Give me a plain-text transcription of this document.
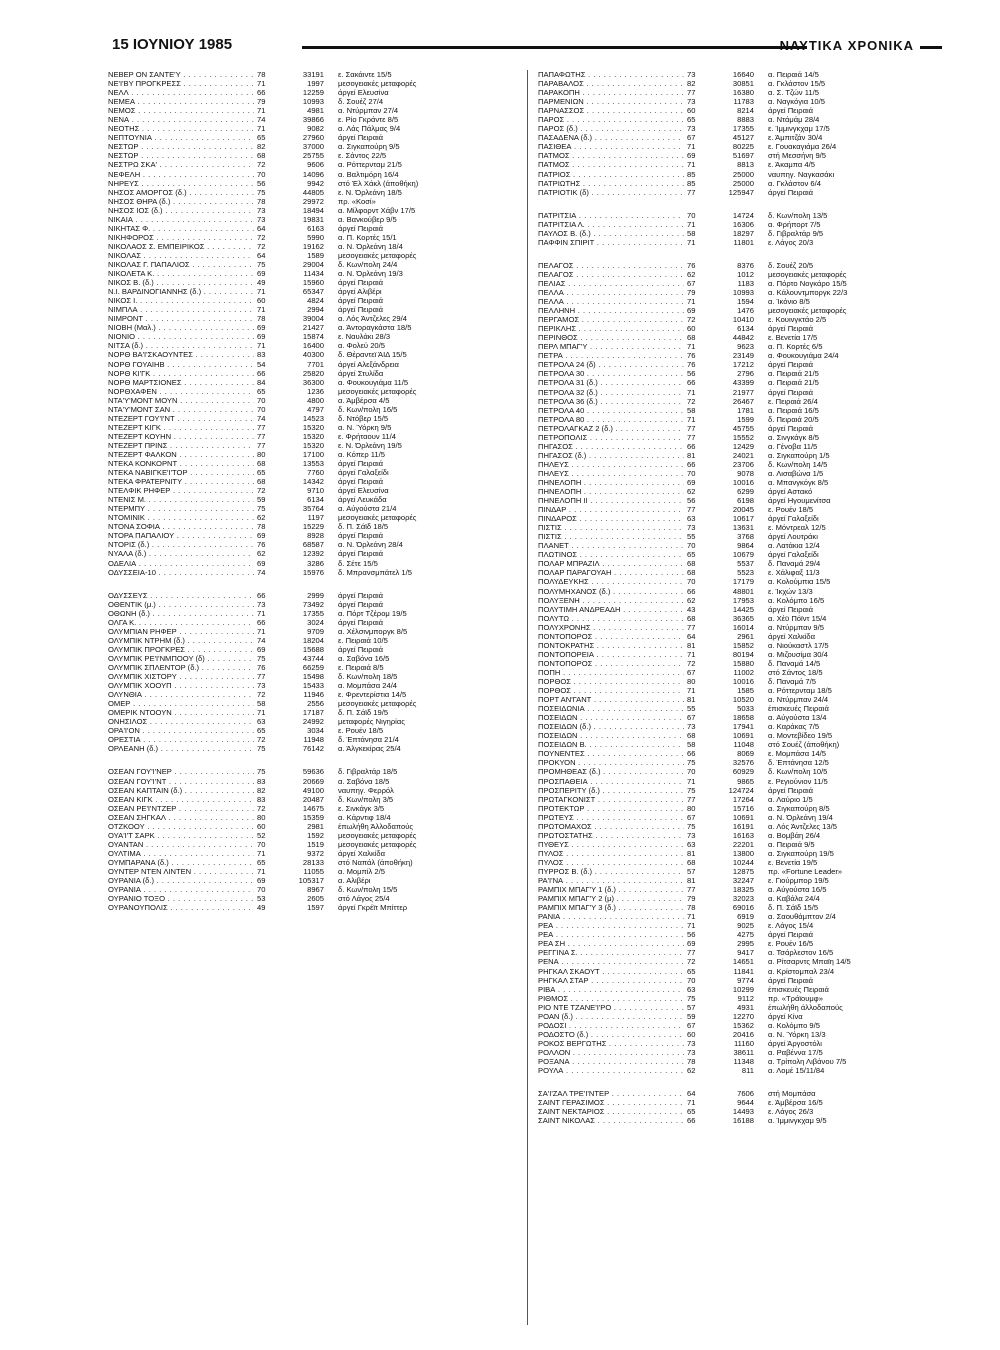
15 ΙΟΥΝΙΟΥ 1985	ΝΑΥΤΙΚΑ ΧΡΟΝΙΚΑ
ΝΕΒΕΡ ΟΝ ΣΑΝΤΕ'Υ . . .	78	33191 ε. Σακάιντε 15/5
ΝΕ'Ι'ΒΥ ΠΡΟΓΚΡΕΣΣ . . .	71	1997 μεσογειακές μεταφορές
ΝΕΛΛ . . .	66	12259 άργεί Ελευσίνα
ΝΕΜΕΑ . . .	79	10993 δ. Σουέζ 27/4
ΝΕΜΟΣ . . .	71	4981 α. Ντύρμπαν 27/4
ΝΕΝΑ . . .	74	39866 ε. Ρίο Γκράντε 8/5
ΝΕΟΤΗΣ . . .	71	9082 α. Λάς Πάλμας 9/4
ΝΕΠΤΟΥΝΙΑ . . .	65	27960 άργεί Πειραιά
ΝΕΣΤΩΡ . . .	82	37000 α. Σιγκαπούρη 9/5
ΝΕΣΤΩΡ . . .	68	25755 ε. Σάντος 22/5
ΝΕΣΤΡΩ ΣΚΑ' . . .	72	9606 α. Ρόττερνταμ 21/5
ΝΕΦΕΛΗ . . .	70	14096 α. Βαλτιμόρη 16/4
ΝΗΡΕΥΣ . . .	56	9942 στό Έλ Χάκλ (άποθήκη)
ΝΗΣΟΣ ΑΜΟΡΓΟΣ (δ.) . . .	75	44805 ε. Ν. Όρλεάνη 18/5
ΝΗΣΟΣ ΘΗΡΑ (δ.) . . .	78	29972 πρ. «Κοσί»
ΝΗΣΟΣ ΙΟΣ (δ.) . . .	73	18494 α. Μίλφορντ Χάβν 17/5
ΝΙΚΑΙΑ . . .	73	19831 α. Βανκούβερ 9/5
ΝΙΚΗΤΑΣ Φ. . . .	64	6163 άργεί Πειραιά
ΝΙΚΗΦΟΡΟΣ . . .	72	5990 α. Π. Κορτές 15/1
ΝΙΚΟΛΑΟΣ Σ. ΕΜΠΕΙΡΙΚΟΣ . . .	72	19162 α. Ν. Όρλεάνη 18/4
ΝΙΚΟΛΑΣ . . .	64	1589 μεσογειακές μεταφορές
ΝΙΚΟΛΑΣ Γ. ΠΑΠΑΛΙΟΣ . . .	75	29004 δ. Κων/πολη 24/4
ΝΙΚΟΛΕΤΑ Κ. . . .	69	11434 α. Ν. Όρλεάνη 19/3
ΝΙΚΟΣ Β. (δ.) . . .	49	15960 άργεί Πειραιά
Ν.Ι. ΒΑΡΔΙΝΟΓΙΑΝΝΗΣ (δ.) . . .	71	65347 άργεί Αλιβέρι
ΝΙΚΟΣ Ι. . . .	60	4824 άργεί Πειραιά
ΝΙΜΠΛΑ . . .	71	2994 άργεί Πειραιά
ΝΙΜΡΟΝΤ . . .	78	39004 α. Λός Άντζελες 29/4
ΝΙΟΒΗ (Μαλ.) . . .	69	21427 α. Άντοραγκάστα 18/5
ΝΙΟΝΙΟ . . .	69	15874 ε. Ναυλάκι 28/3
ΝΙΤΣΑ (δ.) . . .	71	16400 α. Φολεύ 20/5
ΝΟΡΘ ΒΑ'Ι'ΣΚΑΟΥΝΤΕΣ . . .	83	40300 δ. Θέραντεϊ ΆΙΔ 15/5
ΝΟΡΘ ΓΟΥΑΙΗΒ . . .	54	7701 άργεί Αλεξάνδρεια
ΝΟΡΘ ΚΙ'ΓΚ . . .	66	25820 άργεί Στυλίδα
ΝΟΡΘ ΜΑΡΤΣΙΟΝΕΣ . . .	84	36300 α. Φουκουγιάμα 11/5
ΝΟΡΘΧΑΦΕΝ . . .	65	1236 μεσογειακές μεταφορές
ΝΤΑ'Υ'ΜΟΝΤ ΜΟΥΝ . . .	70	4800 α. Άμβέρσα 4/5
ΝΤΑ'Υ'ΜΟΝΤ ΣΑΝ . . .	70	4797 δ. Κων/πολη 16/5
ΝΤΕΖΕΡΤ ΓΟΥ'Ι'ΝΤ . . .	74	14523 δ. Ντόβερ 15/5
ΝΤΕΖΕΡΤ ΚΙΓΚ . . .	77	15320 α. Ν. Ύόρκη 9/5
ΝΤΕΖΕΡΤ ΚΟΥΗΝ . . .	77	15320 ε. Φρήταουν 11/4
ΝΤΕΖΕΡΤ ΠΡΙΝΣ . . .	77	15320 ε. Ν. Όρλεάνη 19/5
ΝΤΕΖΕΡΤ ΦΑΛΚΟΝ . . .	80	17100 α. Κόπερ 11/5
ΝΤΕΚΑ ΚΟΝΚΟΡΝΤ . . .	68	13553 άργεί Πειραιά
ΝΤΕΚΑ ΝΑΒΙΓΚΕ'Ι'ΤΟΡ . . .	65	7760 άργεί Γαλαξείδι
ΝΤΕΚΑ ΦΡΑΤΕΡΝΙΤΥ . . .	68	14342 άργεί Πειραιά
ΝΤΕΛΦΙΚ ΡΗΦΕΡ . . .	72	9710 άργεί Ελευσίνα
ΝΤΕΝΙΣ Μ. . . .	59	6134 άργεί Λευκάδα
ΝΤΕΡΜΠΥ . . .	75	35764 α. Αύγούστα 21/4
ΝΤΟΜΙΝΙΚ . . .	62	1197 μεσογειακές μεταφορές
ΝΤΟΝΑ ΣΟΦΙΑ . . .	78	15229 δ. Π. Σάϊδ 18/5
ΝΤΟΡΑ ΠΑΠΑΛΙΟΥ . . .	69	8928 άργεί Πειραιά
ΝΤΟΡΙΣ (δ.) . . .	76	68587 α. Ν. Όρλεάνη 28/4
ΝΥΑΛΑ (δ.) . . .	62	12392 άργεί Πειραιά
ΟΔΕΛΙΑ . . .	69	3286 δ. Σέτε 15/5
ΟΔΥΣΣΕΙΑ-10 . . .	74	15976 δ. Μπρανσμπάτελ 1/5
ΟΔΥΣΣΕΥΣ . . .	66	2999 άργεί Πειραιά
ΟΘΕΝΤΙΚ (μ.) . . .	73	73492 άργεί Πειραιά
ΟΘΩΝΗ (δ.) . . .	71	17355 α. Πόρτ Τζέρομ 19/5
ΟΛΓΑ Κ. . . .	66	3024 άργεί Πειραιά
ΟΛΥΜΠΙΑΝ ΡΗΦΕΡ . . .	71	9709 α. Χέλσινμποργκ 8/5
ΟΛΥΜΠΙΚ ΝΤΡΗΜ (δ.) . . .	74	18204 ε. Πειραιά 10/5
ΟΛΥΜΠΙΚ ΠΡΟΓΚΡΕΣ . . .	69	15688 άργεί Πειραιά
ΟΛΥΜΠΙΚ ΡΕ'Ι'ΝΜΠΟΟΥ (δ) . . .	75	43744 α. Σαβόνα 16/5
ΟΛΥΜΠΙΚ ΣΠΛΕΝΤΟΡ (δ.) . . .	76	66259 ε. Πειραιά 8/5
ΟΛΥΜΠΙΚ ΧΙΣΤΟΡΥ . . .	77	15498 δ. Κων/πολη 18/5
ΟΛΥΜΠΙΚ ΧΟΟΥΠ . . .	73	15433 α. Μομπάσα 24/4
ΟΛΥΝΘΙΑ . . .	72	11946 ε. Φρεντερίστια 14/5
ΟΜΕΡ . . .	58	2556 μεσογειακές μεταφορές
ΟΜΕΡΙΚ ΝΤΟΟΥΝ . . .	71	17187 δ. Π. Σάϊδ 19/5
ΟΝΗΣΙΛΟΣ . . .	63	24992 μεταφορές Νιγηρίας
ΟΡΑ'Ι'ΟΝ . . .	65	3034 ε. Ρουέν 18/5
ΟΡΕΣΤΙΑ . . .	72	11948 δ. Έπτάνησα 21/4
ΟΡΛΕΑΝΗ (δ.) . . .	75	76142 α. Άλγκεκίρας 25/4
ΟΣΕΑΝ ΓΟΥ'Ι'ΝΕΡ . . .	75	59636 δ. Γιβραλτάρ 18/5
ΟΣΕΑΝ ΓΟΥ'Ι'ΝΤ . . .	83	20669 α. Σαβόνα 18/5
ΟΣΕΑΝ ΚΑΠΤΑΙΝ (δ.) . . .	82	49100 ναυπηγ. Φερρόλ
ΟΣΕΑΝ ΚΙΓΚ . . .	83	20487 δ. Κων/πολη 3/5
ΟΣΕΑΝ ΡΕ'Ι'ΝΤΖΕΡ . . .	72	14675 ε. Σινκάγκ 3/5
ΟΣΕΑΝ ΣΗΓΚΑΛ . . .	80	15359 α. Κάρντιφ 18/4
ΟΤΖΚΟΟΥ . . .	60	2981 έπωλήθη Άλλοδαπούς
ΟΥΑ'Ι'Τ ΣΑΡΚ . . .	52	1592 μεσογειακές μεταφορές
ΟΥΑΝΤΑΝ . . .	70	1519 μεσογειακές μεταφορές
ΟΥΛΤΙΜΑ . . .	71	9372 άργεί Χαλκίδα
ΟΥΜΠΑΡΑΝΑ (δ.) . . .	65	28133 στό Ναπάλ (άποθήκη)
ΟΥΝΤΕΡ ΝΤΕΝ ΛΙΝΤΕΝ . . .	71	11055 α. Μομπίλ 2/5
ΟΥΡΑΝΙΑ (δ.) . . .	69	105317 α. Αλιβέρι
ΟΥΡΑΝΙΑ . . .	70	8967 δ. Κων/πολη 15/5
ΟΥΡΑΝΙΟ ΤΟΞΟ . . .	53	2605 στό Λάγος 25/4
ΟΥΡΑΝΟΥΠΟΛΙΣ . . .	49	1597 άργεί Γκρέϊτ Μπίττερ
ΠΑΠΑΦΩΤΗΣ . . .	73	16640 α. Πειραιά 14/5
ΠΑΡΑΒΑΛΟΣ . . .	82	30851 α. Γκλάστον 15/5
ΠΑΡΑΚΟΠΗ . . .	77	16380 α. Σ. Τζών 11/5
ΠΑΡΜΕΝΙΩΝ . . .	73	11783 α. Ναγκόγια 10/5
ΠΑΡΝΑΣΣΟΣ . . .	60	8214 άργεί Πειραιά
ΠΑΡΟΣ . . .	65	8883 α. Ντάμάμ 28/4
ΠΑΡΟΣ (δ.) . . .	73	17355 ε. Ίμμινγκχαμ 17/5
ΠΑΣΑΔΕΝΑ (δ.) . . .	67	45127 ε. Άμπιτζάν 30/4
ΠΑΣΙΘΕΑ . . .	71	80225 ε. Γουακαγιάμα 26/4
ΠΑΤΜΟΣ . . .	69	51697 στή Μεσσήνη 9/5
ΠΑΤΜΟΣ . . .	71	8813 ε. Άκαμπα 4/5
ΠΑΤΡΙΟΣ . . .	85	25000 ναυπηγ. Ναγκασάκι
ΠΑΤΡΙΩΤΗΣ . . .	85	25000 α. Γκλάστον 6/4
ΠΑΤΡΙΟΤΙΚ (δ) . . .	77	125947 άργεί Πειραιά
ΠΑΤΡΙΤΣΙΑ . . .	70	14724 δ. Κων/πολη 13/5
ΠΑΤΡΙΤΣΙΑ Λ. . . .	71	16306 α. Φρήπορτ 7/5
ΠΑΥΛΟΣ Β. (δ.) . . .	58	18297 δ. Γιβραλτάρ 9/5
ΠΑΦΦΙΝ ΣΠΙΡΙΤ . . .	71	11801 ε. Λάγος 20/3
ΠΕΛΑΓΟΣ . . .	76	8376 δ. Σουέζ 20/5
ΠΕΛΑΓΟΣ . . .	62	1012 μεσογειακές μεταφορές
ΠΕΛΙΑΣ . . .	67	1183 α. Πόρτο Νογκάρο 15/5
ΠΕΛΛΑ . . .	79	10993 α. Κάλουντμποργκ 22/3
ΠΕΛΛΑ . . .	71	1594 α. Ίκόνιο 8/5
ΠΕΛΛΗΝΗ . . .	69	1476 μεσογειακές μεταφορές
ΠΕΡΓΑΜΟΣ . . .	72	10410 ε. Κουινγκτάο 2/5
ΠΕΡΙΚΛΗΣ . . .	60	6134 άργεί Πειραιά
ΠΕΡΙΝΘΟΣ . . .	68	44842 ε. Βενετία 17/5
ΠΕΡΛ ΜΠΑΓ'Υ . . .	71	9623 α. Π. Κορτές 6/5
ΠΕΤΡΑ . . .	76	23149 α. Φουκουγιάμα 24/4
ΠΕΤΡΟΛΑ 24 (δ) . . .	76	17212 άργεί Πειραιά
ΠΕΤΡΟΛΑ 30 . . .	56	2796 α. Πειραιά 21/5
ΠΕΤΡΟΛΑ 31 (δ.) . . .	66	43399 α. Πειραιά 21/5
ΠΕΤΡΟΛΑ 32 (δ.) . . .	71	21977 άργεί Πειραιά
ΠΕΤΡΟΛΑ 36 (δ.) . . .	72	26467 ε. Πειραιά 26/4
ΠΕΤΡΟΛΑ 40 . . .	58	1781 α. Πειραιά 16/5
ΠΕΤΡΟΛΑ 80 . . .	71	1599 δ. Πειραιά 20/5
ΠΕΤΡΟΛΑΓΚΑΖ 2 (δ.) . . .	77	45755 άργεί Πειραιά
ΠΕΤΡΟΠΟΛΙΣ . . .	77	15552 α. Σινγκάγκ 8/5
ΠΗΓΑΣΟΣ . . .	66	12429 α. Γένοβα 11/5
ΠΗΓΑΣΟΣ (δ.) . . .	81	24021 α. Σιγκαπούρη 1/5
ΠΗΛΕΥΣ . . .	66	23706 δ. Κων/πολη 14/5
ΠΗΛΕΥΣ . . .	70	9078 α. Λισαβώνα 1/5
ΠΗΝΕΛΟΠΗ . . .	69	10016 α. Μπανγκόγκ 8/5
ΠΗΝΕΛΟΠΗ . . .	62	6299 άργεί Αστακό
ΠΗΝΕΛΟΠΗ ΙΙ . . .	56	6198 άργεί Ηγουμενίτσα
ΠΙΝΔΑΡ . . .	77	20045 ε. Ρουέν 18/5
ΠΙΝΔΑΡΟΣ . . .	63	10617 άργεί Γαλαξείδι
ΠΙΣΤΙΣ . . .	73	13631 ε. Μόντρεαλ 12/5
ΠΙΣΤΙΣ . . .	55	3768 άργεί Λουτράκι
ΠΛΑΝΕΤ . . .	70	9864 α. Λατάκια 12/4
ΠΛΩΤΙΝΟΣ . . .	65	10679 άργεί Γαλαξείδι
ΠΟΛΑΡ ΜΠΡΑΖΙΛ . . .	68	5537 δ. Παναμά 29/4
ΠΟΛΑΡ ΠΑΡΑΓΟΥΑΗ . . .	68	5523 ε. Χάλιφαξ 11/3
ΠΟΛΥΔΕΥΚΗΣ . . .	70	17179 α. Κολούμπια 15/5
ΠΟΛΥΜΗΧΑΝΟΣ (δ.) . . .	66	48801 ε. Ίκχών 13/3
ΠΟΛΥΞΕΝΗ . . .	62	17953 α. Κολόμπο 16/5
ΠΟΛΥΤΙΜΗ ΑΝΔΡΕΑΔΗ . . .	43	14425 άργεί Πειραιά
ΠΟΛΥΤΩ . . .	68	36365 α. Χέϋ Πόϊντ 15/4
ΠΟΛΥΧΡΟΝΗΣ . . .	77	16014 α. Ντύρμπαν 9/5
ΠΟΝΤΟΠΟΡΟΣ . . .	64	2961 άργεί Χαλκίδα
ΠΟΝΤΟΚΡΑΤΗΣ . . .	81	15852 α. Νιούκαστλ 17/5
ΠΟΝΤΟΠΟΡΕΙΑ . . .	71	80194 α. Μιζουσίμα 30/4
ΠΟΝΤΟΠΟΡΟΣ . . .	72	15880 δ. Παναμά 14/5
ΠΟΠΗ . . .	67	11002 στό Σάντος 18/5
ΠΟΡΘΟΣ . . .	80	10016 δ. Παναμά 7/5
ΠΟΡΘΟΣ . . .	71	1585 α. Ρόττερνταμ 18/5
ΠΟΡΤ ΑΝ'ΓΑΝΤ . . .	81	10520 α. Ντύρμπαν 24/4
ΠΟΣΕΙΔΩΝΙΑ . . .	55	5033 έπισκευές Πειραιά
ΠΟΣΕΙΔΩΝ . . .	67	18658 α. Αύγούστα 13/4
ΠΟΣΕΙΔΩΝ (δ.) . . .	73	17941 α. Καράκας 7/5
ΠΟΣΕΙΔΩΝ . . .	68	10691 α. Μοντεβίδεο 19/5
ΠΟΣΕΙΔΩΝ Β. . . .	58	11048 στό Σουέζ (άποθήκη)
ΠΟΥΝΕΝΤΕΣ . . .	66	8069 ε. Μομπάσα 14/5
ΠΡΟΚΥΟΝ . . .	75	32576 δ. Έπτάνησα 12/5
ΠΡΟΜΗΘΕΑΣ (δ.) . . .	70	60929 δ. Κων/πολη 10/5
ΠΡΟΣΠΑΘΕΙΑ . . .	71	9865 ε. Ρεγιούνιον 11/5
ΠΡΟΣΠΕΡΙΤΥ (δ.) . . .	75	124724 άργεί Πειραιά
ΠΡΩΤΑΓΚΟΝΙΣΤ . . .	77	17264 α. Λαύριο 1/5
ΠΡΟΤΕΚΤΩΡ . . .	80	15716 α. Σιγκαπούρη 8/5
ΠΡΩΤΕΥΣ . . .	67	10691 α. Ν. Όρλεάνη 19/4
ΠΡΩΤΟΜΑΧΟΣ . . .	75	16191 α. Λός Άντζελες 13/5
ΠΡΩΤΟΣΤΑΤΗΣ . . .	73	16163 α. Βομβάη 26/4
ΠΥΘΕΥΣ . . .	63	22201 α. Πειραιά 9/5
ΠΥΛΟΣ . . .	81	13800 α. Σιγκαπούρη 19/5
ΠΥΛΟΣ . . .	68	10244 ε. Βενετία 19/5
ΠΥΡΡΟΣ Β. (δ.) . . .	57	12875 πρ. «Fortune Leader»
ΡΑ'Ι'ΝΑ . . .	81	32247 ε. Γιούρμπορ 19/5
ΡΑΜΠΙΧ ΜΠΑΓ'Υ 1 (δ.) . . .	77	18325 α. Αύγούστα 16/5
ΡΑΜΠΙΧ ΜΠΑΓ'Υ 2 (μ) . . .	79	32023 α. Καβάλα 24/4
ΡΑΜΠΙΧ ΜΠΑΓ'Υ 3 (δ.) . . .	78	69016 δ. Π. Σάϊδ 15/5
ΡΑΝΙΑ . . .	71	6919 α. Σαουθάμπτον 2/4
ΡΕΑ . . .	71	9025 ε. Λάγος 15/4
ΡΕΑ . . .	56	4275 άργεί Πειραιά
ΡΕΑ ΣΗ . . .	69	2995 ε. Ρουέν 16/5
ΡΕΓΓΙΝΑ Σ. . . .	77	9417 α. Τσάρλεστον 16/5
ΡΕΝΑ . . .	72	14651 α. Ρίτσαρντς Μπαϊη 14/5
ΡΗΓΚΑΛ ΣΚΑΟΥΤ . . .	65	11841 α. Κρίστομπαλ 23/4
ΡΗΓΚΑΛ ΣΤΑΡ . . .	70	9774 άργεί Πειραιά
ΡΙΒΑ . . .	63	10299 έπισκευές Πειραιά
ΡΙΘΜΟΣ . . .	75	9112 πρ. «Τράϊουμφ»
ΡΙΟ ΝΤΕ ΤΖΑΝΕ'Ι'ΡΟ . . .	57	4931 έπωλήθη άλλοδαπούς
ΡΟΑΝ (δ.) . . .	59	12270 άργεί Κίνα
ΡΟΔΟΣΙ . . .	67	15362 α. Κολόμπο 9/5
ΡΟΔΟΣΤΟ (δ.) . . .	60	20416 α. Ν. Ύόρκη 13/3
ΡΟΚΟΣ ΒΕΡΓΩΤΗΣ . . .	73	11160 άργεί Άργοστόλι
ΡΟΛΛΟΝ . . .	73	38611 α. Ραβέννα 17/5
ΡΟΞΑΝΑ . . .	78	11348 α. Τρίπολη Λιβάνου 7/5
ΡΟΥΛΑ . . .	62	811 α. Λομέ 15/11/84
ΣΑ'Ι'ΖΑΛ ΤΡΕ'Ι'ΝΤΕΡ . . .	64	7606 στή Μομπάσα
ΣΑΙΝΤ ΓΕΡΑΣΙΜΟΣ . . .	71	9644 ε. Άμβέρσα 16/5
ΣΑΙΝΤ ΝΕΚΤΑΡΙΟΣ . . .	65	14493 ε. Λάγος 26/3
ΣΑΙΝΤ ΝΙΚΟΛΑΣ . . .	66	16188 α. Ίμμινγκχαμ 9/5
